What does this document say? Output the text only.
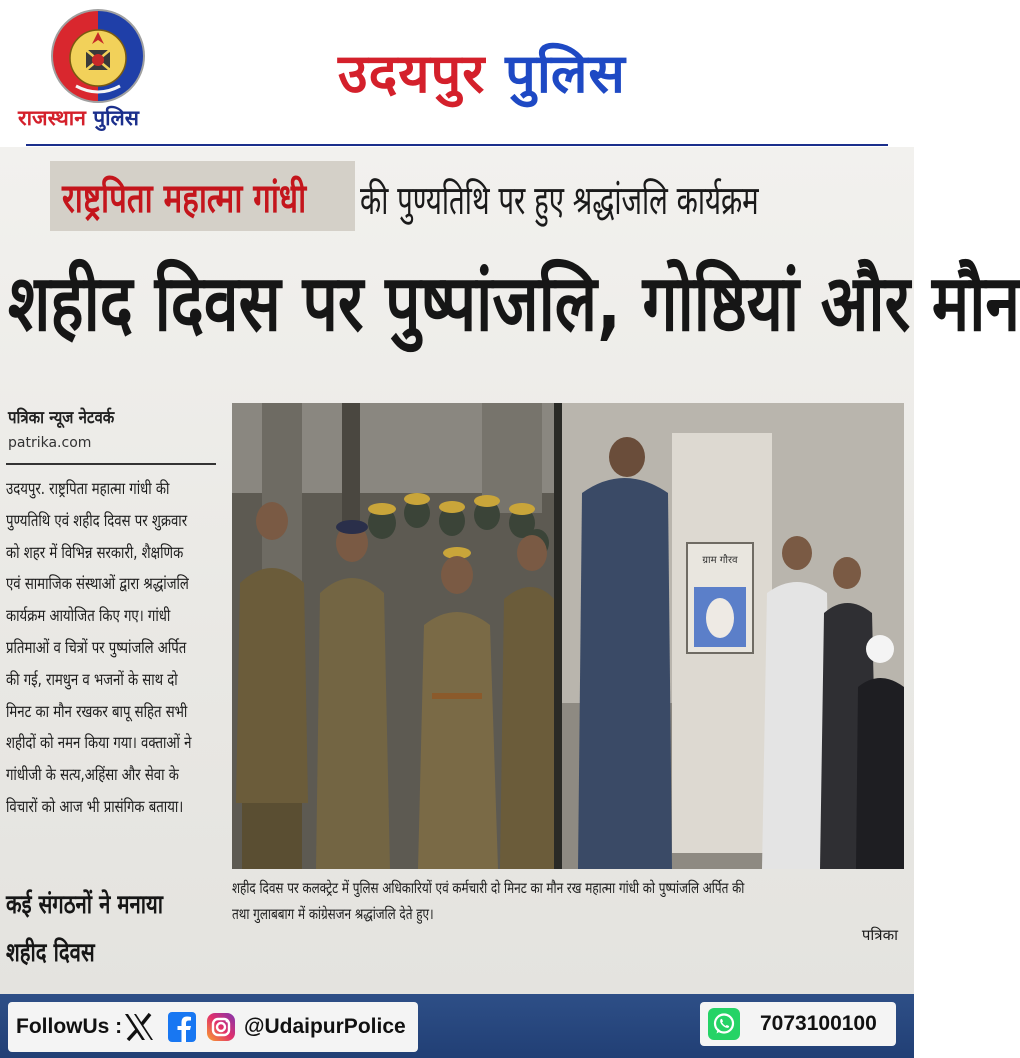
राजस्थान पुलिस
उदयपुर पुलिस
राष्ट्रपिता महात्मा गांधी की पुण्यतिथि पर हुए श्रद्धांजलि कार्यक्रम
शहीद दिवस पर पुष्पांजलि, गोष्ठियां और मौन
पत्रिका न्यूज नेटवर्क
patrika.com
उदयपुर. राष्ट्रपिता महात्मा गांधी की
पुण्यतिथि एवं शहीद दिवस पर शुक्रवार
को शहर में विभिन्न सरकारी, शैक्षणिक
एवं सामाजिक संस्थाओं द्वारा श्रद्धांजलि
कार्यक्रम आयोजित किए गए। गांधी
प्रतिमाओं व चित्रों पर पुष्पांजलि अर्पित
की गई, रामधुन व भजनों के साथ दो
मिनट का मौन रखकर बापू सहित सभी
शहीदों को नमन किया गया। वक्ताओं ने
गांधीजी के सत्य,अहिंसा और सेवा के
विचारों को आज भी प्रासंगिक बताया।
कई संगठनों ने मनाया
शहीद दिवस
ग्राम गौरव
शहीद दिवस पर कलक्ट्रेट में पुलिस अधिकारियों एवं कर्मचारी दो मिनट का मौन रख महात्मा गांधी को पुष्पांजलि अर्पित की
तथा गुलाबबाग में कांग्रेसजन श्रद्धांजलि देते हुए।
पत्रिका
FollowUs :	@UdaipurPolice	7073100100
